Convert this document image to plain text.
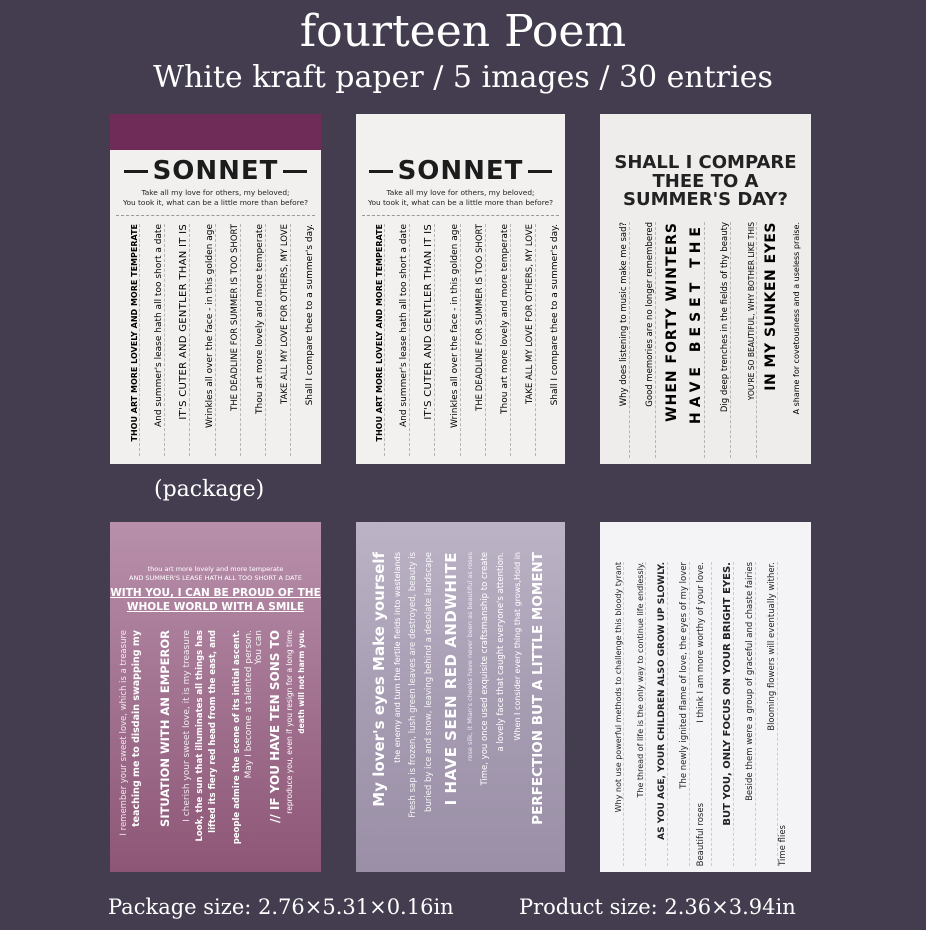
fourteen Poem
White kraft paper / 5 images / 30 entries
SONNET
Take all my love for others, my beloved;
You took it, what can be a little more than before?
THOU ART MORE LOVELY AND MORE TEMPERATE And summer's lease hath all too short a date IT'S CUTER AND GENTLER THAN IT IS Wrinkles all over the face - in this golden age THE DEADLINE FOR SUMMER IS TOO SHORT Thou art more lovely and more temperate TAKE ALL MY LOVE FOR OTHERS, MY LOVE Shall I compare thee to a summer's day.
SONNET
Take all my love for others, my beloved;
You took it, what can be a little more than before?
THOU ART MORE LOVELY AND MORE TEMPERATE And summer's lease hath all too short a date IT'S CUTER AND GENTLER THAN IT IS Wrinkles all over the face - in this golden age THE DEADLINE FOR SUMMER IS TOO SHORT Thou art more lovely and more temperate TAKE ALL MY LOVE FOR OTHERS, MY LOVE Shall I compare thee to a summer's day.
SHALL I COMPARE
THEE TO A
SUMMER'S DAY?
Why does listening to music make me sad? Good memories are no longer remembered WHEN FORTY WINTERS HAVE BESET THE Dig deep trenches in the fields of thy beauty YOU'RE SO BEAUTIFUL, WHY BOTHER LIKE THIS IN MY SUNKEN EYES A shame for covetousness and a useless praise.
(package)
thou art more lovely and more temperate
AND SUMMER'S LEASE HATH ALL TOO SHORT A DATE
WITH YOU, I CAN BE PROUD OF THE
WHOLE WORLD WITH A SMILE
I remember your sweet love, which is a treasure teaching me to disdain swapping my SITUATION WITH AN EMPEROR I cherish your sweet love, it is my treasure Look, the sun that illuminates all things has lifted its fiery red head from the east, and people admire the scene of its initial ascent. May I become a talented person. You can // IF YOU HAVE TEN SONS TO reproduce you, even if you resign for a long time death will not harm you.	My lover's eyes Make yourself the enemy and turn the fertile fields into wastelands Fresh sap is frozen, lush green leaves are destroyed, beauty is buried by ice and snow, leaving behind a desolate landscape I HAVE SEEN RED ANDWHITE rose silk, it Mian's cheeks have never been as beautiful as roses Time, you once used exquisite craftsmanship to create a lovely face that caught everyone's attention. When I consider every thing that grows,Hold in PERFECTION BUT A LITTLE MOMENT	Why not use powerful methods to challenge this bloody tyrant The thread of life is the only way to continue life endlessly. AS YOU AGE, YOUR CHILDREN ALSO GROW UP SLOWLY. The newly ignited flame of love, the eyes of my lover I think I am more worthy of your love.
Beautiful roses
BUT YOU, ONLY FOCUS ON YOUR BRIGHT EYES. Beside them were a group of graceful and chaste fairies Blooming flowers will eventually wither.
Time flies
Package size: 2.76×5.31×0.16in	Product size: 2.36×3.94in
